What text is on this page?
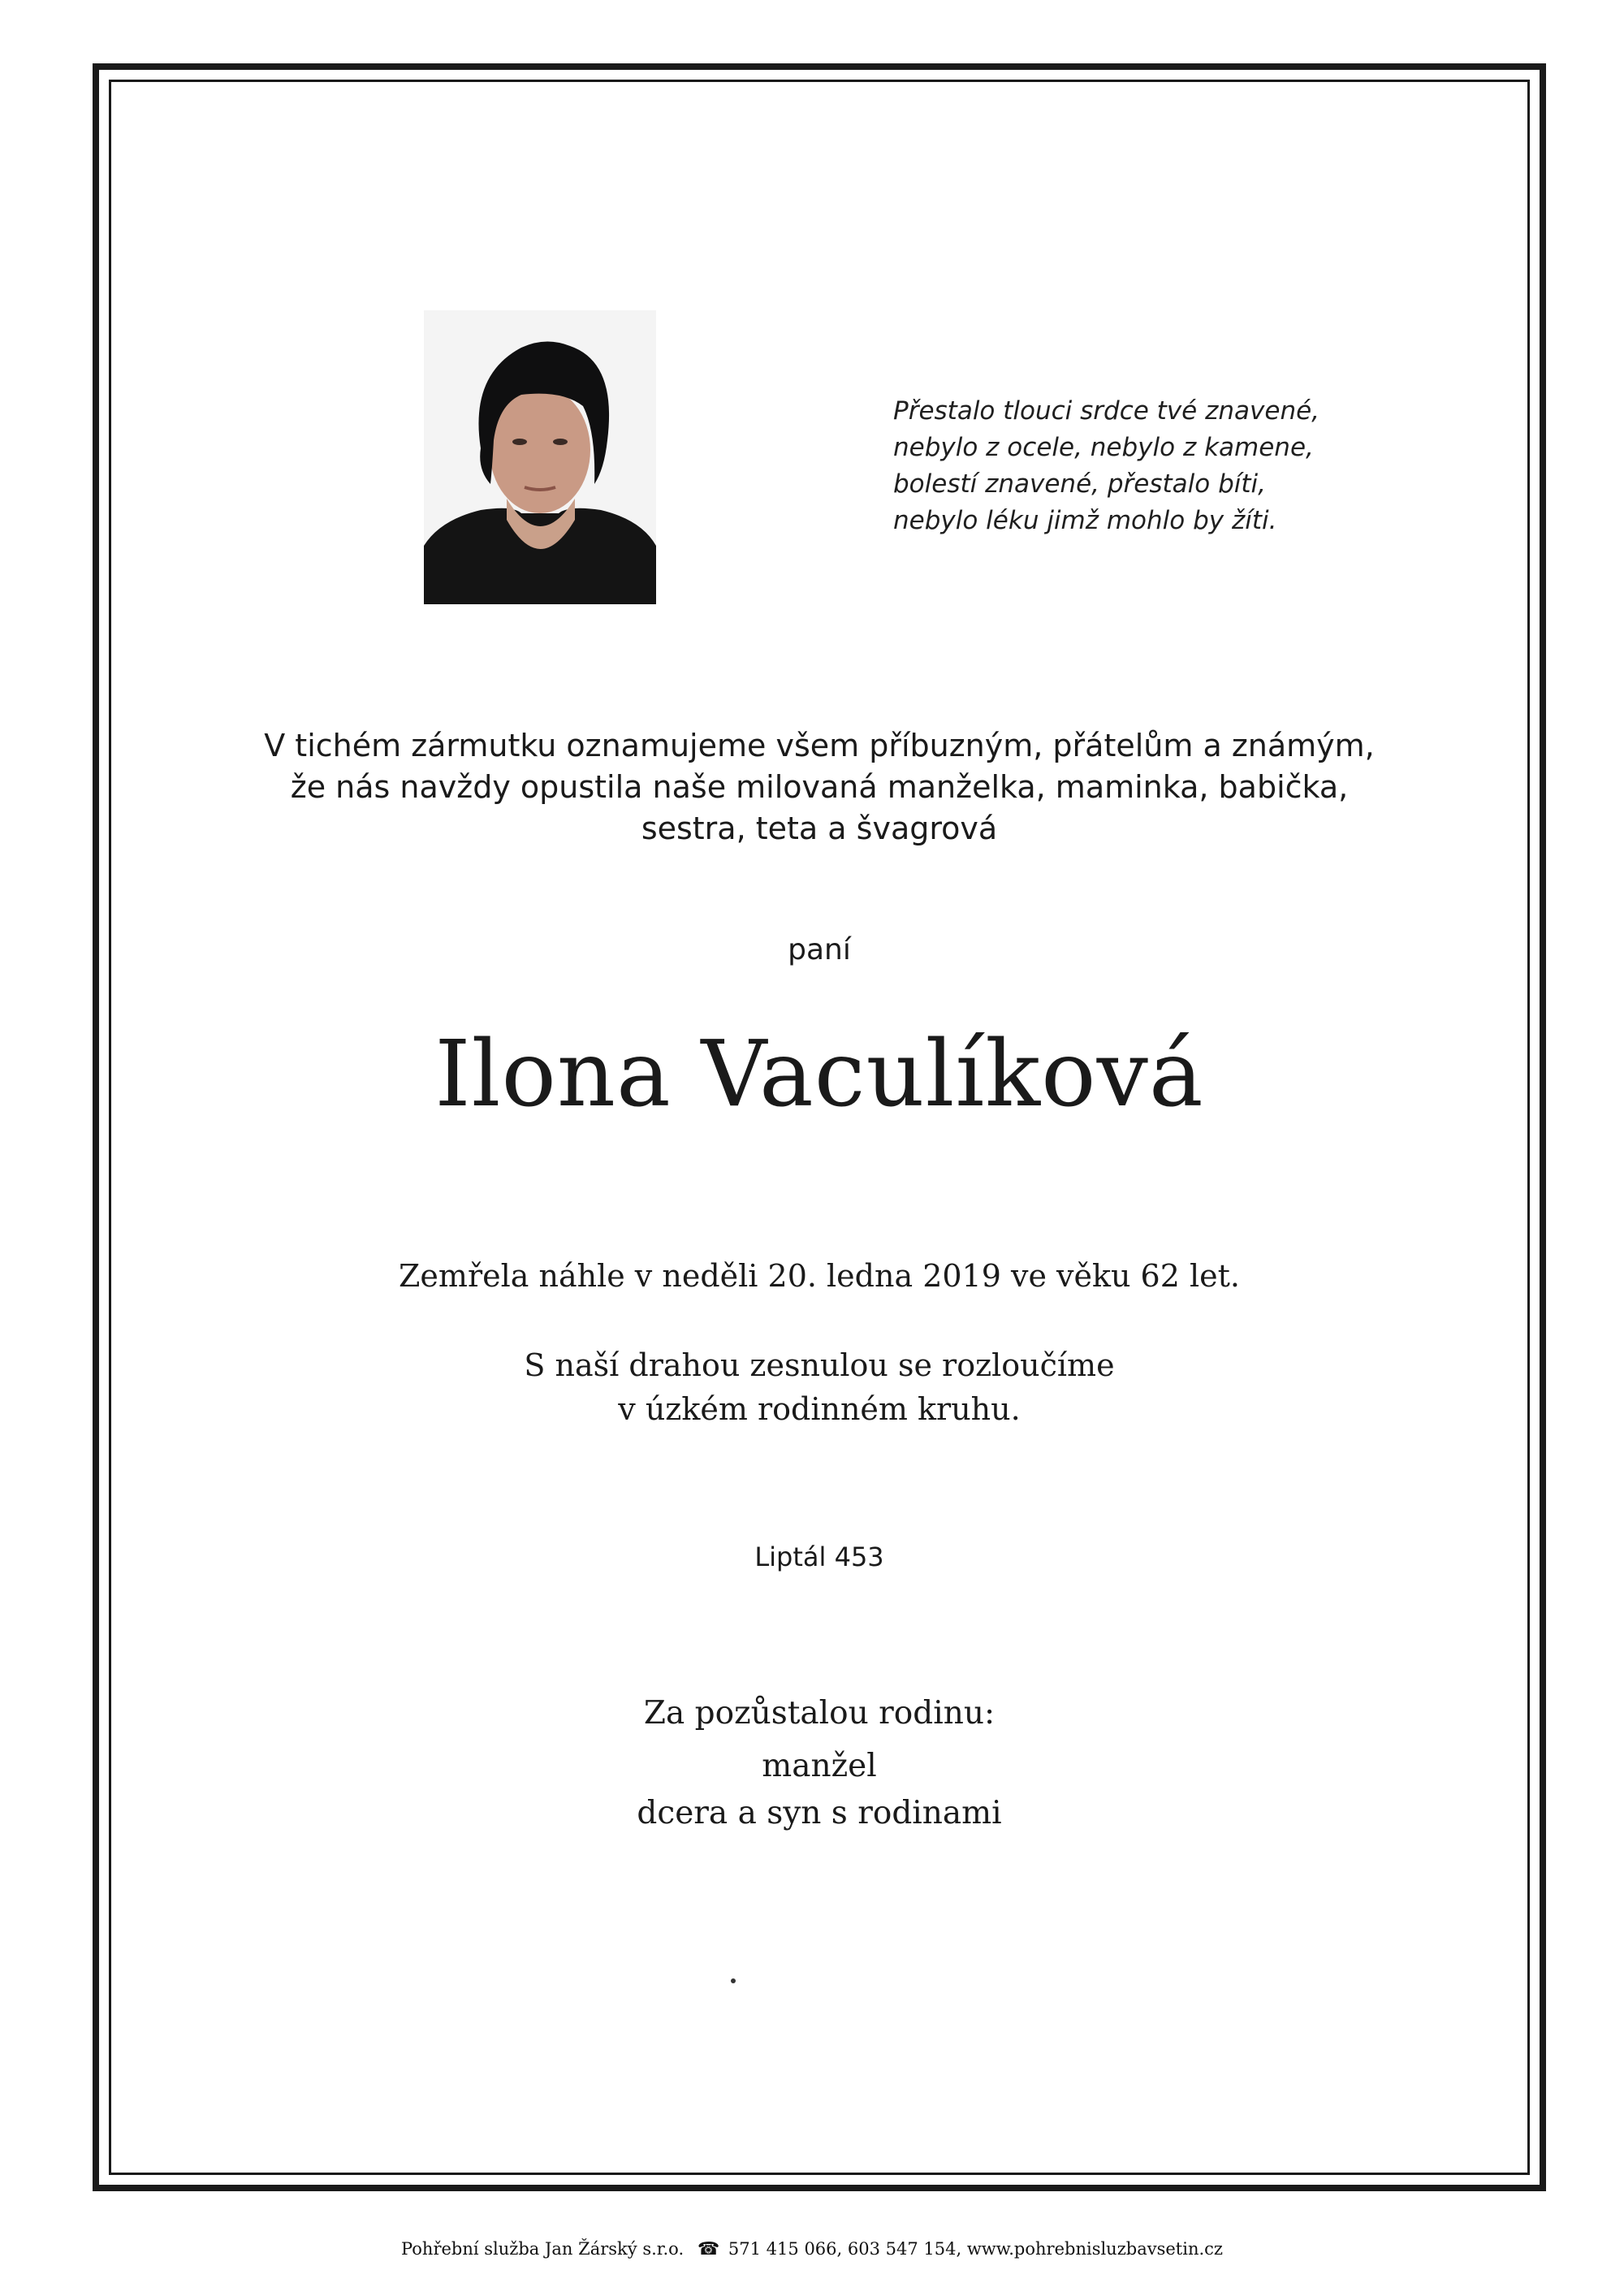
Přestalo tlouci srdce tvé znavené,
nebylo z ocele, nebylo z kamene,
bolestí znavené, přestalo bíti,
nebylo léku jimž mohlo by žíti.
V tichém zármutku oznamujeme všem příbuzným, přátelům a známým,
že nás navždy opustila naše milovaná manželka, maminka, babička,
sestra, teta a švagrová
paní
Ilona Vaculíková
Zemřela náhle v neděli 20. ledna 2019 ve věku 62 let.
S naší drahou zesnulou se rozloučíme
v úzkém rodinném kruhu.
Liptál 453
Za pozůstalou rodinu:
manžel
dcera a syn s rodinami
Pohřební služba Jan Žárský s.r.o. ☎ 571 415 066, 603 547 154, www.pohrebnisluzbavsetin.cz
